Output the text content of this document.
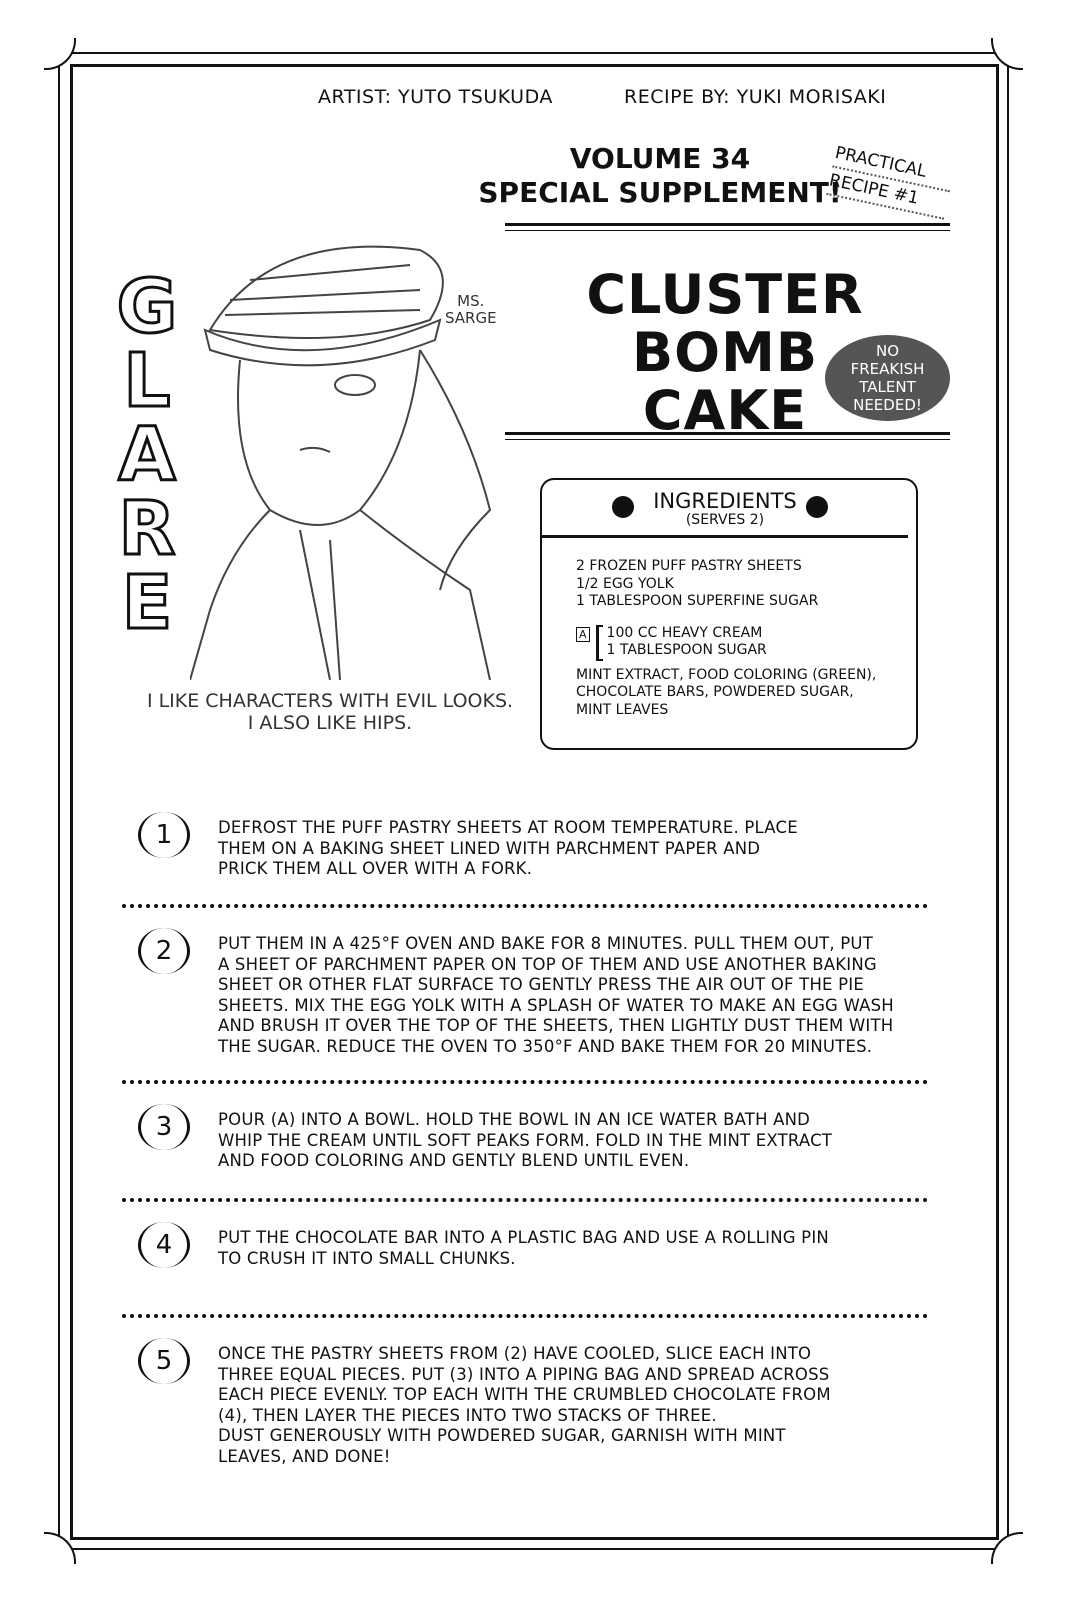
ARTIST: YUTO TSUKUDA	RECIPE BY: YUKI MORISAKI
VOLUME 34
SPECIAL SUPPLEMENT!
PRACTICAL
RECIPE #1
CLUSTER BOMB
CAKE
NO
FREAKISH
TALENT
NEEDED!
MS.
SARGE
G
L
A
R
E
I LIKE CHARACTERS WITH EVIL LOOKS.
I ALSO LIKE HIPS.
INGREDIENTS
(SERVES 2)
2 FROZEN PUFF PASTRY SHEETS
1/2 EGG YOLK
1 TABLESPOON SUPERFINE SUGAR
A 100 CC HEAVY CREAM
1 TABLESPOON SUGAR
MINT EXTRACT, FOOD COLORING (GREEN),
CHOCOLATE BARS, POWDERED SUGAR,
MINT LEAVES
1	DEFROST THE PUFF PASTRY SHEETS AT ROOM TEMPERATURE. PLACE
THEM ON A BAKING SHEET LINED WITH PARCHMENT PAPER AND
PRICK THEM ALL OVER WITH A FORK.
2	PUT THEM IN A 425°F OVEN AND BAKE FOR 8 MINUTES. PULL THEM OUT, PUT
A SHEET OF PARCHMENT PAPER ON TOP OF THEM AND USE ANOTHER BAKING
SHEET OR OTHER FLAT SURFACE TO GENTLY PRESS THE AIR OUT OF THE PIE
SHEETS. MIX THE EGG YOLK WITH A SPLASH OF WATER TO MAKE AN EGG WASH
AND BRUSH IT OVER THE TOP OF THE SHEETS, THEN LIGHTLY DUST THEM WITH
THE SUGAR. REDUCE THE OVEN TO 350°F AND BAKE THEM FOR 20 MINUTES.
3	POUR (A) INTO A BOWL. HOLD THE BOWL IN AN ICE WATER BATH AND
WHIP THE CREAM UNTIL SOFT PEAKS FORM. FOLD IN THE MINT EXTRACT
AND FOOD COLORING AND GENTLY BLEND UNTIL EVEN.
4	PUT THE CHOCOLATE BAR INTO A PLASTIC BAG AND USE A ROLLING PIN
TO CRUSH IT INTO SMALL CHUNKS.
5	ONCE THE PASTRY SHEETS FROM (2) HAVE COOLED, SLICE EACH INTO
THREE EQUAL PIECES. PUT (3) INTO A PIPING BAG AND SPREAD ACROSS
EACH PIECE EVENLY. TOP EACH WITH THE CRUMBLED CHOCOLATE FROM
(4), THEN LAYER THE PIECES INTO TWO STACKS OF THREE.
DUST GENEROUSLY WITH POWDERED SUGAR, GARNISH WITH MINT
LEAVES, AND DONE!
